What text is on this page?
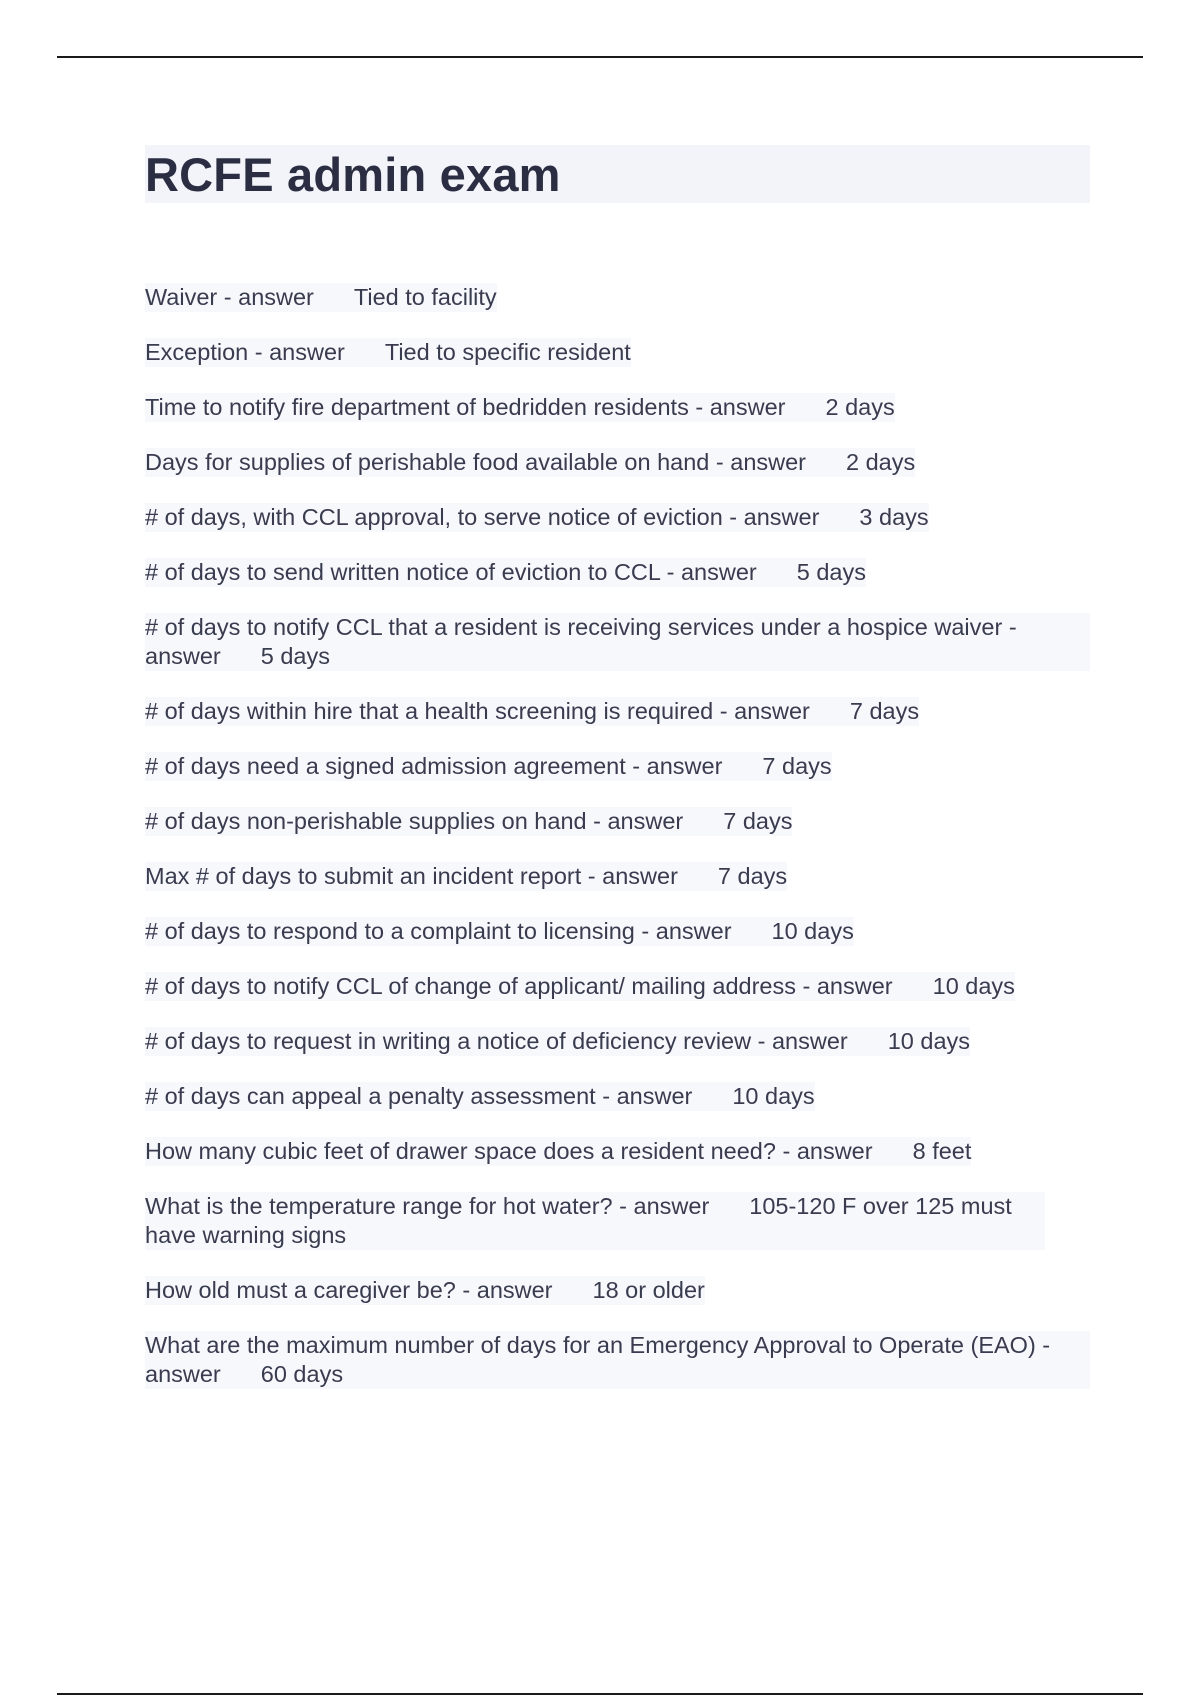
RCFE admin exam
Waiver - answer Tied to facility
Exception - answer Tied to specific resident
Time to notify fire department of bedridden residents - answer 2 days
Days for supplies of perishable food available on hand - answer 2 days
# of days, with CCL approval, to serve notice of eviction - answer 3 days
# of days to send written notice of eviction to CCL - answer 5 days
# of days to notify CCL that a resident is receiving services under a hospice waiver - answer 5 days
# of days within hire that a health screening is required - answer 7 days
# of days need a signed admission agreement - answer 7 days
# of days non-perishable supplies on hand - answer 7 days
Max # of days to submit an incident report - answer 7 days
# of days to respond to a complaint to licensing - answer 10 days
# of days to notify CCL of change of applicant/ mailing address - answer 10 days
# of days to request in writing a notice of deficiency review - answer 10 days
# of days can appeal a penalty assessment - answer 10 days
How many cubic feet of drawer space does a resident need? - answer 8 feet
What is the temperature range for hot water? - answer 105-120 F over 125 must have warning signs
How old must a caregiver be? - answer 18 or older
What are the maximum number of days for an Emergency Approval to Operate (EAO) - answer 60 days
